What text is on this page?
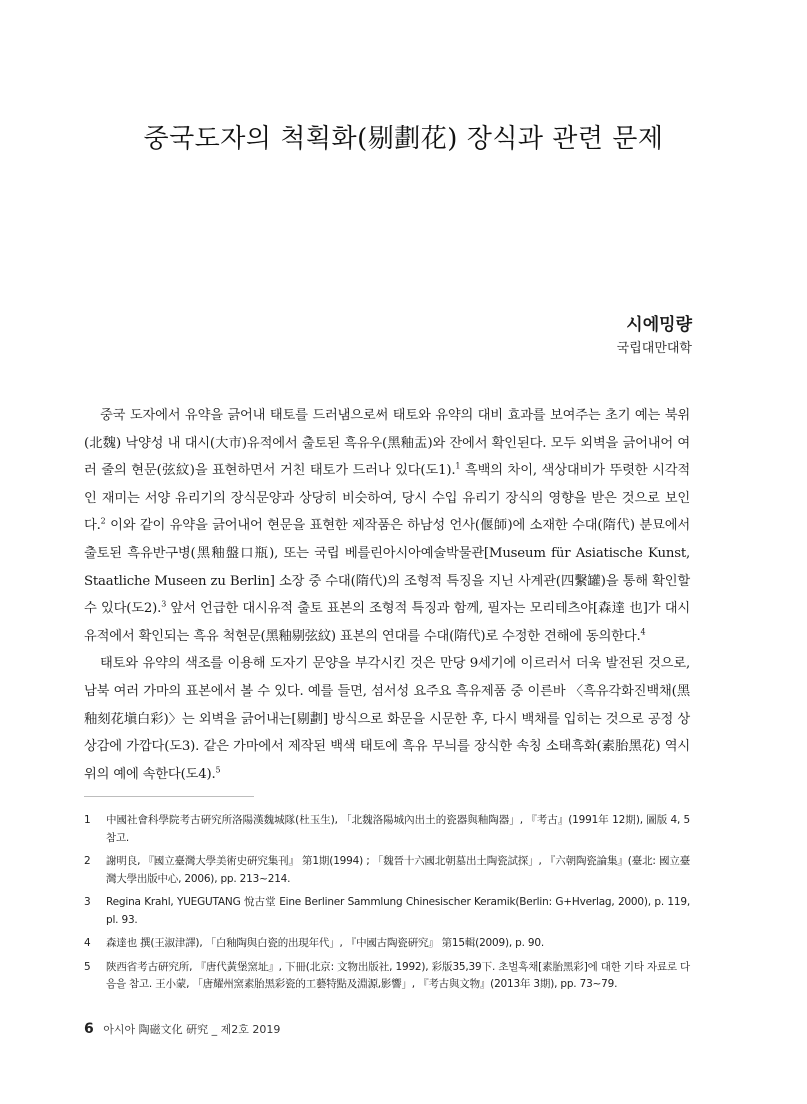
중국도자의 척획화(剔劃花) 장식과 관련 문제
시에밍량
국립대만대학

중국 도자에서 유약을 긁어내 태토를 드러냄으로써 태토와 유약의 대비 효과를 보여주는 초기 예는 북위(北魏) 낙양성 내 대시(大市)유적에서 출토된 흑유우(黑釉盂)와 잔에서 확인된다. 모두 외벽을 긁어내어 여러 줄의 현문(弦紋)을 표현하면서 거친 태토가 드러나 있다(도1).$^1$ 흑백의 차이, 색상대비가 뚜렷한 시각적인 재미는 서양 유리기의 장식문양과 상당히 비슷하여, 당시 수입 유리기 장식의 영향을 받은 것으로 보인다.$^2$ 이와 같이 유약을 긁어내어 현문을 표현한 제작품은 하남성 언사(偃師)에 소재한 수대(隋代) 분묘에서 출토된 흑유반구병(黑釉盤口瓶), 또는 국립 베를린아시아예술박물관[Museum für Asiatische Kunst, Staatliche Museen zu Berlin] 소장 중 수대(隋代)의 조형적 특징을 지닌 사계관(四繫罐)을 통해 확인할 수 있다(도2).$^3$ 앞서 언급한 대시유적 출토 표본의 조형적 특징과 함께, 필자는 모리테츠야[森達 也]가 대시유적에서 확인되는 흑유 척현문(黑釉剔弦紋) 표본의 연대를 수대(隋代)로 수정한 견해에 동의한다.$^4$

태토와 유약의 색조를 이용해 도자기 문양을 부각시킨 것은 만당 9세기에 이르러서 더욱 발전된 것으로, 남북 여러 가마의 표본에서 볼 수 있다. 예를 들면, 섬서성 요주요 흑유제품 중 이른바 〈흑유각화진백채(黑釉刻花塡白彩)〉는 외벽을 긁어내는[剔劃] 방식으로 화문을 시문한 후, 다시 백채를 입히는 것으로 공정 상 상감에 가깝다(도3). 같은 가마에서 제작된 백색 태토에 흑유 무늬를 장식한 속칭 소태흑화(素胎黑花) 역시 위의 예에 속한다(도4).$^5$

1	中國社會科學院考古硏究所洛陽漢魏城隊(杜玉生), 「北魏洛陽城內出土的瓷器與釉陶器」, 『考古』(1991年 12期), 圖版 4, 5 참고.
2	謝明良, 『國立臺灣大學美術史硏究集刊』 第1期(1994) ; 「魏晉十六國北朝墓出土陶瓷試探」, 『六朝陶瓷論集』(臺北: 國立臺灣大學出版中心, 2006), pp. 213~214.
3	Regina Krahl, YUEGUTANG 悅古堂 Eine Berliner Sammlung Chinesischer Keramik(Berlin: G+Hverlag, 2000), p. 119, pl. 93.
4	森達也 撰(王淑津譯), 「白釉陶與白瓷的出現年代」, 『中國古陶瓷硏究』 第15輯(2009), p. 90.
5	陝西省考古硏究所, 『唐代黃堡窯址』, 下冊(北京: 文物出版社, 1992), 彩版35,39下. 초벌흑채[素胎黑彩]에 대한 기타 자료로 다음을 참고. 王小蒙, 「唐耀州窯素胎黑彩瓷的工藝特點及淵源,影響」, 『考古與文物』(2013年 3期), pp. 73~79.
6 아시아 陶磁文化 硏究 _ 제2호 2019
